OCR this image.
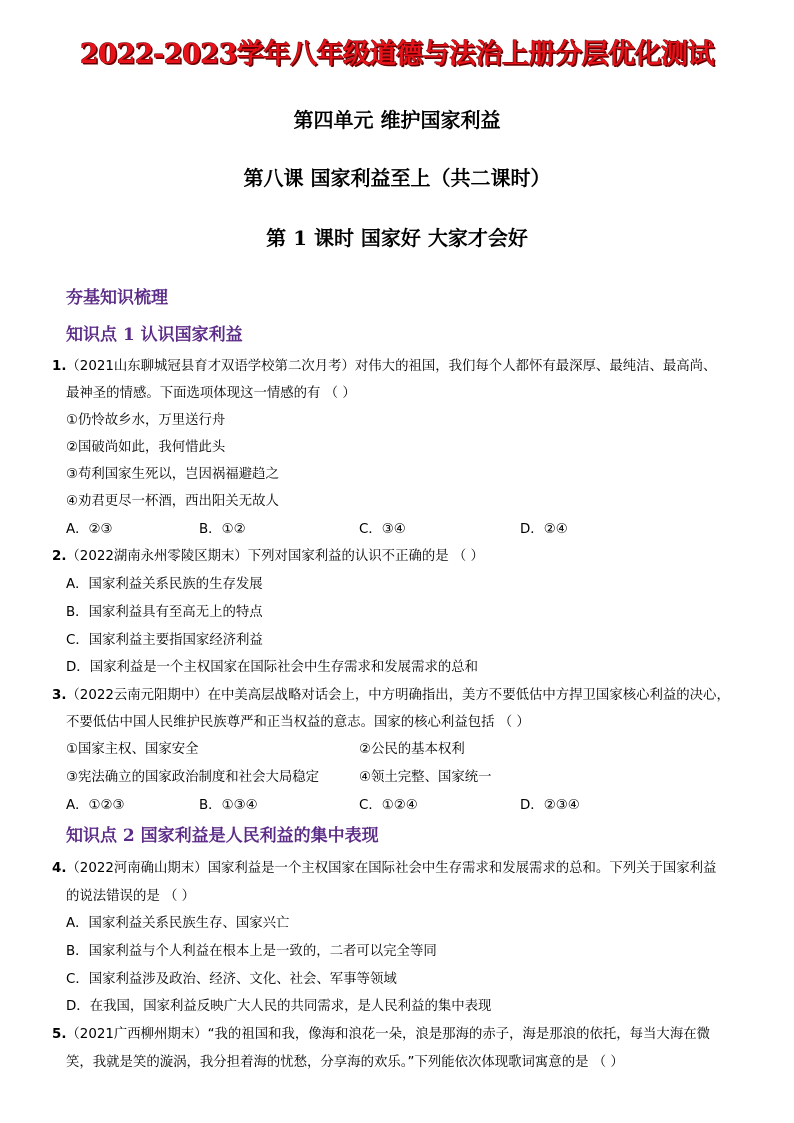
2022-2023学年八年级道德与法治上册分层优化测试
第四单元 维护国家利益
第八课 国家利益至上（共二课时）
第 1 课时 国家好 大家才会好
夯基知识梳理
知识点 1 认识国家利益
1.（2021山东聊城冠县育才双语学校第二次月考）对伟大的祖国，我们每个人都怀有最深厚、最纯洁、最高尚、
最神圣的情感。下面选项体现这一情感的有 （ ）
①仍怜故乡水，万里送行舟
②国破尚如此，我何惜此头
③苟利国家生死以，岂因祸福避趋之
④劝君更尽一杯酒，西出阳关无故人
A．②③	B．①②	C．③④	D．②④
2.（2022湖南永州零陵区期末）下列对国家利益的认识不正确的是 （ ）
A．国家利益关系民族的生存发展
B．国家利益具有至高无上的特点
C．国家利益主要指国家经济利益
D．国家利益是一个主权国家在国际社会中生存需求和发展需求的总和
3.（2022云南元阳期中）在中美高层战略对话会上，中方明确指出，美方不要低估中方捍卫国家核心利益的决心，
不要低估中国人民维护民族尊严和正当权益的意志。国家的核心利益包括 （ ）
①国家主权、国家安全	②公民的基本权利
③宪法确立的国家政治制度和社会大局稳定	④领土完整、国家统一
A．①②③	B．①③④	C．①②④	D．②③④
知识点 2 国家利益是人民利益的集中表现
4.（2022河南确山期末）国家利益是一个主权国家在国际社会中生存需求和发展需求的总和。下列关于国家利益
的说法错误的是 （ ）
A．国家利益关系民族生存、国家兴亡
B．国家利益与个人利益在根本上是一致的，二者可以完全等同
C．国家利益涉及政治、经济、文化、社会、军事等领域
D．在我国，国家利益反映广大人民的共同需求，是人民利益的集中表现
5.（2021广西柳州期末）“我的祖国和我，像海和浪花一朵，浪是那海的赤子，海是那浪的依托，每当大海在微
笑，我就是笑的漩涡，我分担着海的忧愁，分享海的欢乐。”下列能依次体现歌词寓意的是 （ ）
